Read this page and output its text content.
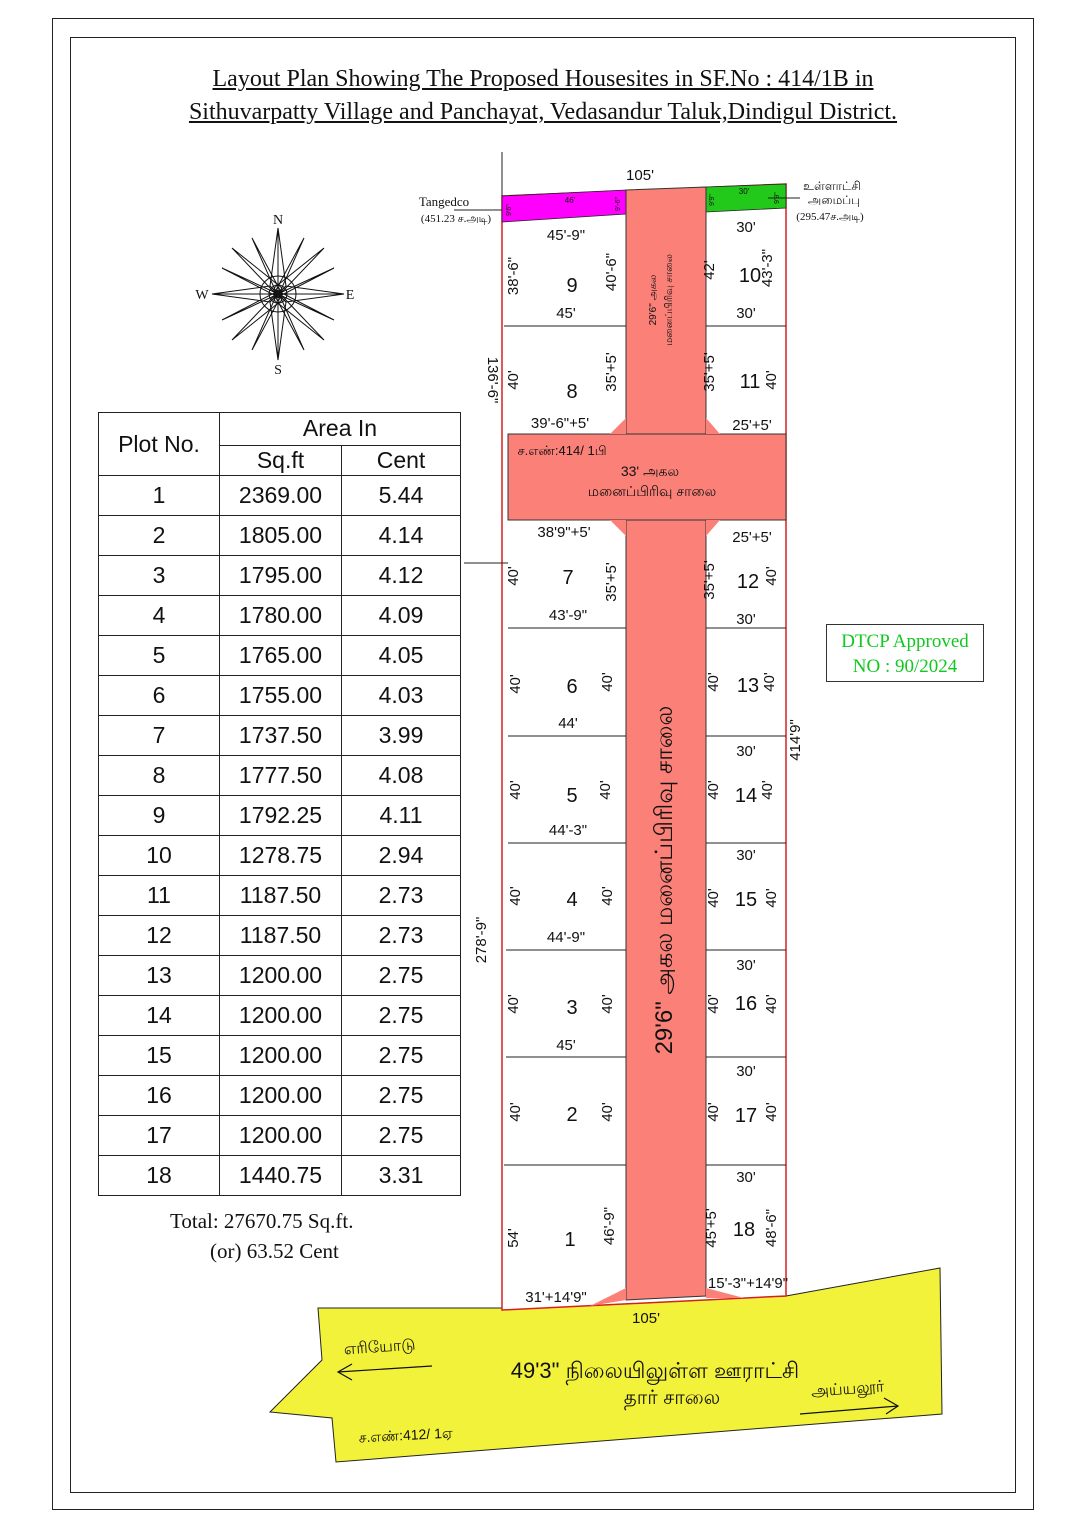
Layout Plan Showing The Proposed Housesites in SF.No : 414/1B in
Sithuvarpatty Village and Panchayat, Vedasandur Taluk,Dindigul District.
N
S
W	E
105'
105'
136'-6"
278'-9"
414'9"
Tangedco
(451.23 ச.அடி)
46'
9'6"	9'-6"
உள்ளாட்சி
அமைப்பு
(295.47ச.அடி)
30'
9'9"	9'9"
ச.எண்:414/ 1பி
33' அகல
மனைப்பிரிவு சாலை
29'6" அகல மனைப்பிரிவு சாலை
29'6" அகல மனைப்பிரிவு சாலை
49'3" நிலையிலுள்ள ஊராட்சி
தார் சாலை
எரியோடு
அய்யலூர்
ச.எண்:412/ 1ஏ
9
45'-9"
45'
38'-6"	40'-6"
8
39'-6"+5'
40'	35'+5'
7
38'9"+5'
43'-9"
40'	35'+5'
6
44'
40'	40'
5
44'-3"
40'	40'
4
44'-9"
40'	40'
3
45'
40'	40'
2
40'	40'
1
31'+14'9"
54'	46'-9"
10
30'
30'
42'	43'-3"
11
25'+5'
35'+5'	40'
12
25'+5'
30'
35'+5'	40'
13
40'	40'
14
30'
40' 40'
15
30'
40'	40'
16
30'
40'	40'
17
30'
40'	40'
18
30'
15'-3"+14'9"
45'+5'	48'-6"
Plot No.	Area In	
	Sq.ft	Cent
1	2369.00	5.44
2	1805.00	4.14
3	1795.00	4.12
4	1780.00	4.09
5	1765.00	4.05
6	1755.00	4.03
7	1737.50	3.99
8	1777.50	4.08
9	1792.25	4.11
10	1278.75	2.94
11	1187.50	2.73
12	1187.50	2.73
13	1200.00	2.75
14	1200.00	2.75
15	1200.00	2.75
16	1200.00	2.75
17	1200.00	2.75
18	1440.75	3.31
Total: 27670.75 Sq.ft.
(or) 63.52 Cent
DTCP Approved
NO : 90/2024
